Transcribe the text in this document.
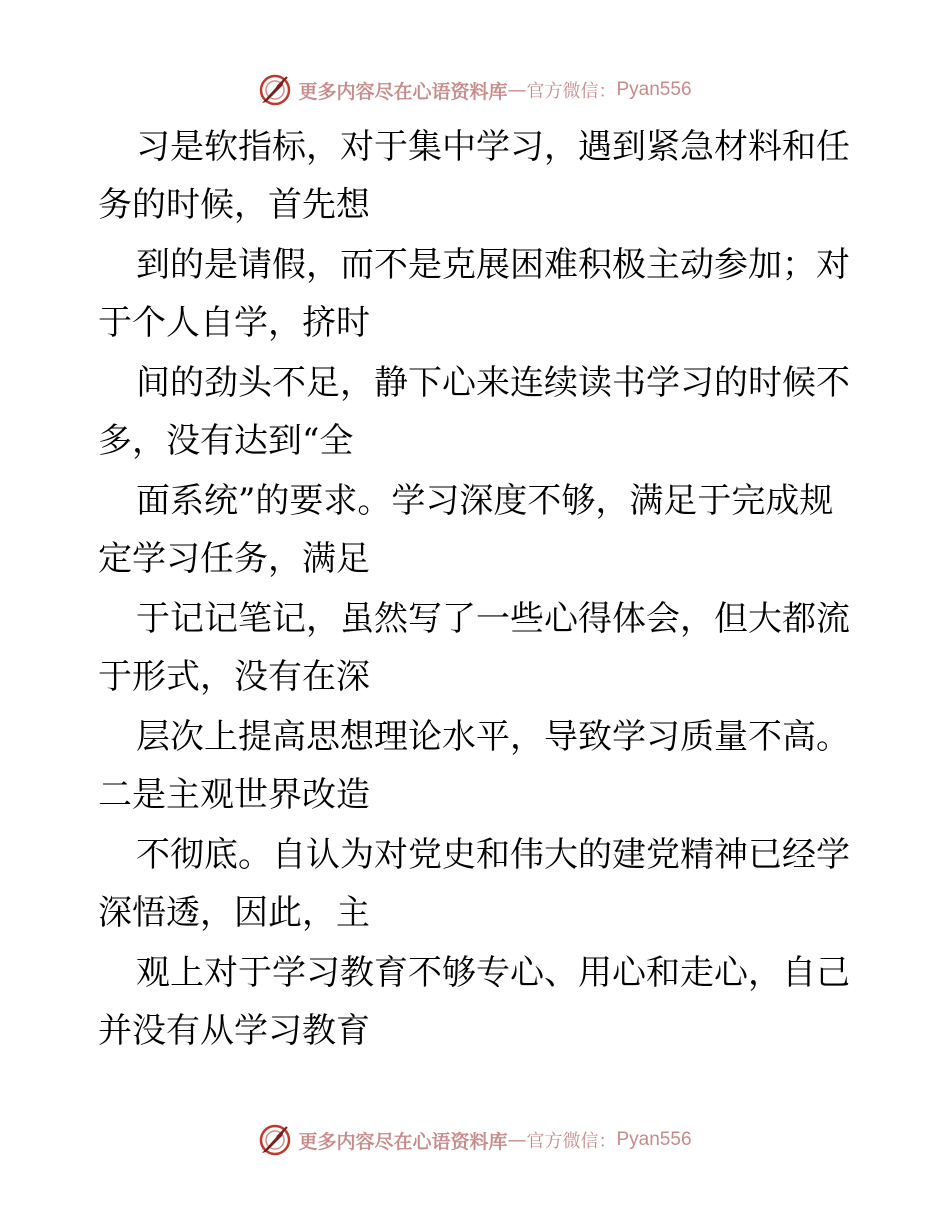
更多内容尽在心语资料库 — 官方微信： Pyan556
习是软指标，对于集中学习，遇到紧急材料和任
务的时候，首先想
到的是请假，而不是克展困难积极主动参加；对
于个人自学，挤时
间的劲头不足，静下心来连续读书学习的时候不
多，没有达到“全
面系统”的要求。学习深度不够，满足于完成规
定学习任务，满足
于记记笔记，虽然写了一些心得体会，但大都流
于形式，没有在深
层次上提高思想理论水平，导致学习质量不高。
二是主观世界改造
不彻底。自认为对党史和伟大的建党精神已经学
深悟透，因此，主
观上对于学习教育不够专心、用心和走心，自己
并没有从学习教育
更多内容尽在心语资料库 — 官方微信： Pyan556
